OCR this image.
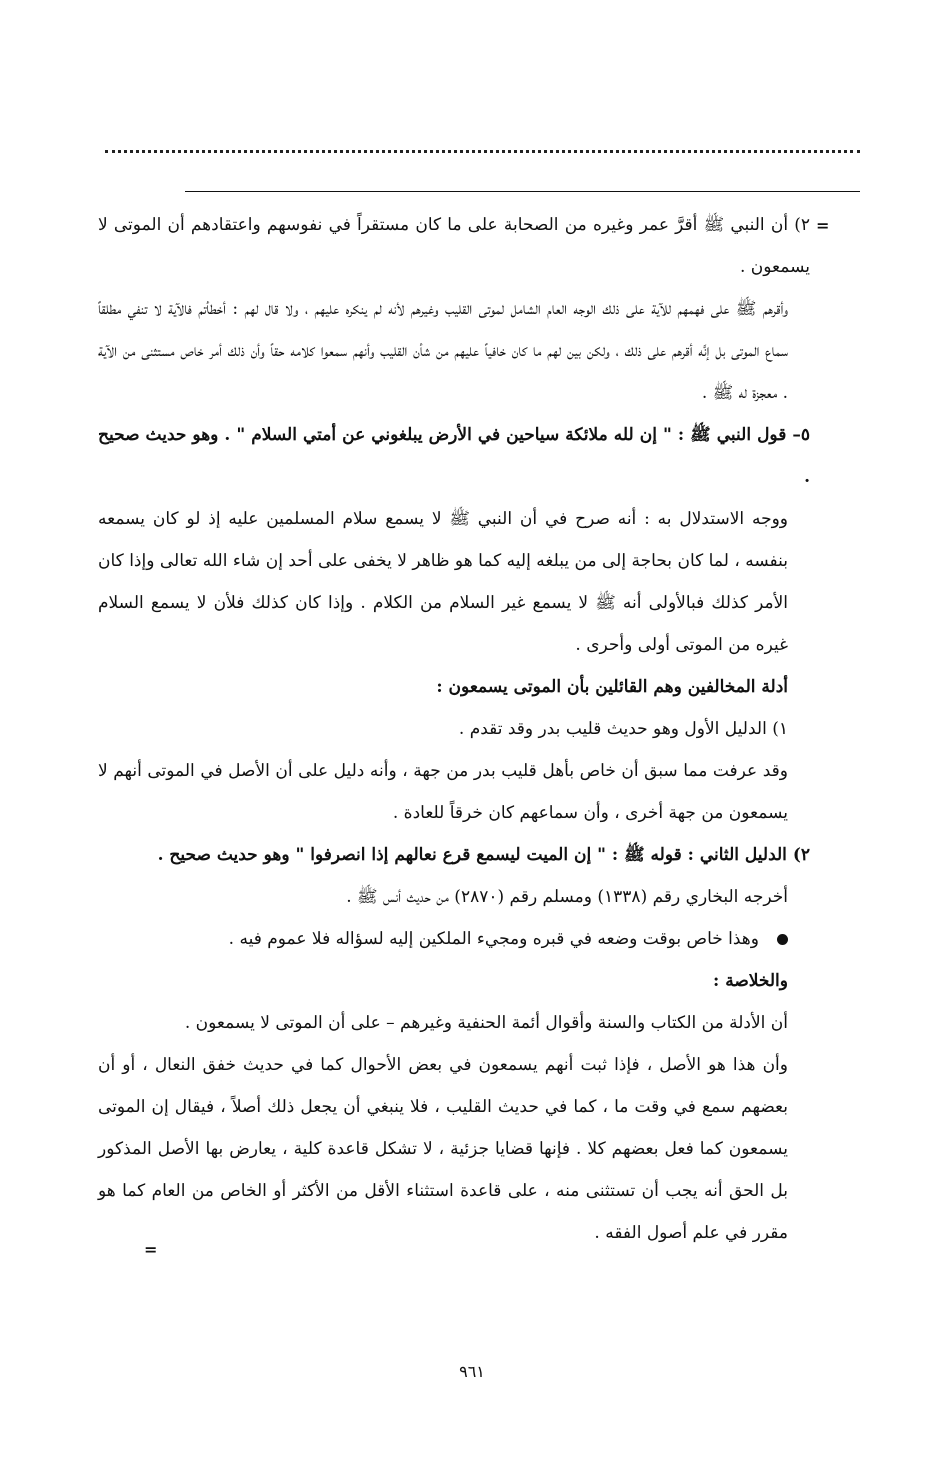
=

٢) أن النبي ﷺ أقرَّ عمر وغيره من الصحابة على ما كان مستقراً في نفوسهم واعتقادهم أن الموتى لا يسمعون .

وأقرهم ﷺ على فهمهم للآية على ذلك الوجه العام الشامل لموتى القليب وغيرهم لأنه لم ينكره عليهم ، ولا قال لهم : أخطأتم فالآية لا تنفي مطلقاً سماع الموتى بل إنَّه أقرهم على ذلك ، ولكن بين لهم ما كان خافياً عليهم من شأن القليب وأنهم سمعوا كلامه حقاً وأن ذلك أمر خاص مستثنى من الآية . معجزة له ﷺ .

٥– قول النبي ﷺ : " إن لله ملائكة سياحين في الأرض يبلغوني عن أمتي السلام " . وهو حديث صحيح .

ووجه الاستدلال به : أنه صرح في أن النبي ﷺ لا يسمع سلام المسلمين عليه إذ لو كان يسمعه بنفسه ، لما كان بحاجة إلى من يبلغه إليه كما هو ظاهر لا يخفى على أحد إن شاء الله تعالى وإذا كان الأمر كذلك فبالأولى أنه ﷺ لا يسمع غير السلام من الكلام . وإذا كان كذلك فلأن لا يسمع السلام غيره من الموتى أولى وأحرى .

أدلة المخالفين وهم القائلين بأن الموتى يسمعون :

١) الدليل الأول وهو حديث قليب بدر وقد تقدم .

وقد عرفت مما سبق أن خاص بأهل قليب بدر من جهة ، وأنه دليل على أن الأصل في الموتى أنهم لا يسمعون من جهة أخرى ، وأن سماعهم كان خرقاً للعادة .

٢) الدليل الثاني : قوله ﷺ : " إن الميت ليسمع قرع نعالهم إذا انصرفوا " وهو حديث صحيح .

أخرجه البخاري رقم (١٣٣٨) ومسلم رقم (٢٨٧٠) من حديث أنس ﷺ .

وهذا خاص بوقت وضعه في قبره ومجيء الملكين إليه لسؤاله فلا عموم فيه .

والخلاصة :

أن الأدلة من الكتاب والسنة وأقوال أئمة الحنفية وغيرهم – على أن الموتى لا يسمعون .

وأن هذا هو الأصل ، فإذا ثبت أنهم يسمعون في بعض الأحوال كما في حديث خفق النعال ، أو أن بعضهم سمع في وقت ما ، كما في حديث القليب ، فلا ينبغي أن يجعل ذلك أصلاً ، فيقال إن الموتى يسمعون كما فعل بعضهم كلا . فإنها قضايا جزئية ، لا تشكل قاعدة كلية ، يعارض بها الأصل المذكور بل الحق أنه يجب أن تستثنى منه ، على قاعدة استثناء الأقل من الأكثر أو الخاص من العام كما هو مقرر في علم أصول الفقه .

=
٩٦١
